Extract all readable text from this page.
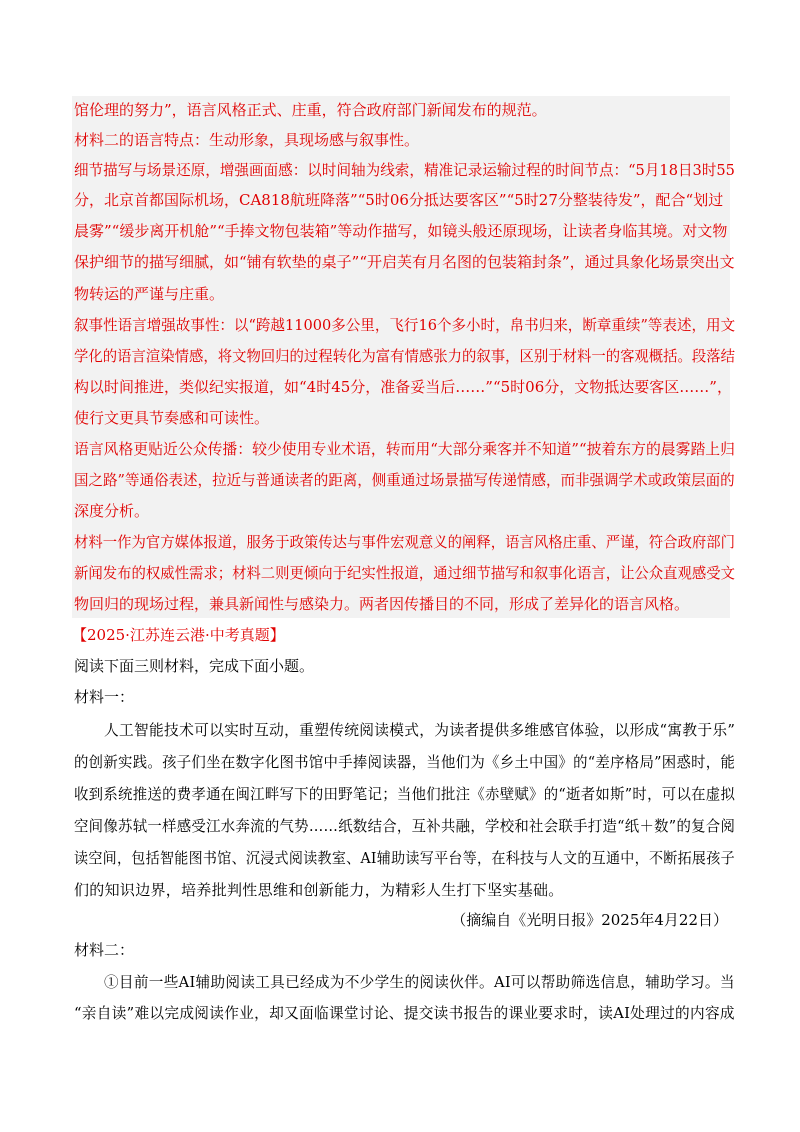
馆伦理的努力”，语言风格正式、庄重，符合政府部门新闻发布的规范。
材料二的语言特点：生动形象，具现场感与叙事性。
细节描写与场景还原，增强画面感：以时间轴为线索，精准记录运输过程的时间节点：“5月18日3时55
分，北京首都国际机场，CA818航班降落”“5时06分抵达要客区”“5时27分整装待发”，配合“划过
晨雾”“缓步离开机舱”“手捧文物包装箱”等动作描写，如镜头般还原现场，让读者身临其境。对文物
保护细节的描写细腻，如“铺有软垫的桌子”“开启芙有月名图的包装箱封条”，通过具象化场景突出文
物转运的严谨与庄重。
叙事性语言增强故事性：以“跨越11000多公里，飞行16个多小时，帛书归来，断章重续”等表述，用文
学化的语言渲染情感，将文物回归的过程转化为富有情感张力的叙事，区别于材料一的客观概括。段落结
构以时间推进，类似纪实报道，如“4时45分，准备妥当后……”“5时06分，文物抵达要客区……”，
使行文更具节奏感和可读性。
语言风格更贴近公众传播：较少使用专业术语，转而用“大部分乘客并不知道”“披着东方的晨雾踏上归
国之路”等通俗表述，拉近与普通读者的距离，侧重通过场景描写传递情感，而非强调学术或政策层面的
深度分析。
材料一作为官方媒体报道，服务于政策传达与事件宏观意义的阐释，语言风格庄重、严谨，符合政府部门
新闻发布的权威性需求；材料二则更倾向于纪实性报道，通过细节描写和叙事化语言，让公众直观感受文
物回归的现场过程，兼具新闻性与感染力。两者因传播目的不同，形成了差异化的语言风格。
【2025·江苏连云港·中考真题】
阅读下面三则材料，完成下面小题。
材料一：
人工智能技术可以实时互动，重塑传统阅读模式，为读者提供多维感官体验，以形成“寓教于乐”
的创新实践。孩子们坐在数字化图书馆中手捧阅读器，当他们为《乡土中国》的“差序格局”困惑时，能
收到系统推送的费孝通在闽江畔写下的田野笔记；当他们批注《赤壁赋》的“逝者如斯”时，可以在虚拟
空间像苏轼一样感受江水奔流的气势……纸数结合，互补共融，学校和社会联手打造“纸＋数”的复合阅
读空间，包括智能图书馆、沉浸式阅读教室、AI辅助读写平台等，在科技与人文的互通中，不断拓展孩子
们的知识边界，培养批判性思维和创新能力，为精彩人生打下坚实基础。
（摘编自《光明日报》2025年4月22日）
材料二：
①目前一些AI辅助阅读工具已经成为不少学生的阅读伙伴。AI可以帮助筛选信息，辅助学习。当
“亲自读”难以完成阅读作业，却又面临课堂讨论、提交读书报告的课业要求时，读AI处理过的内容成
